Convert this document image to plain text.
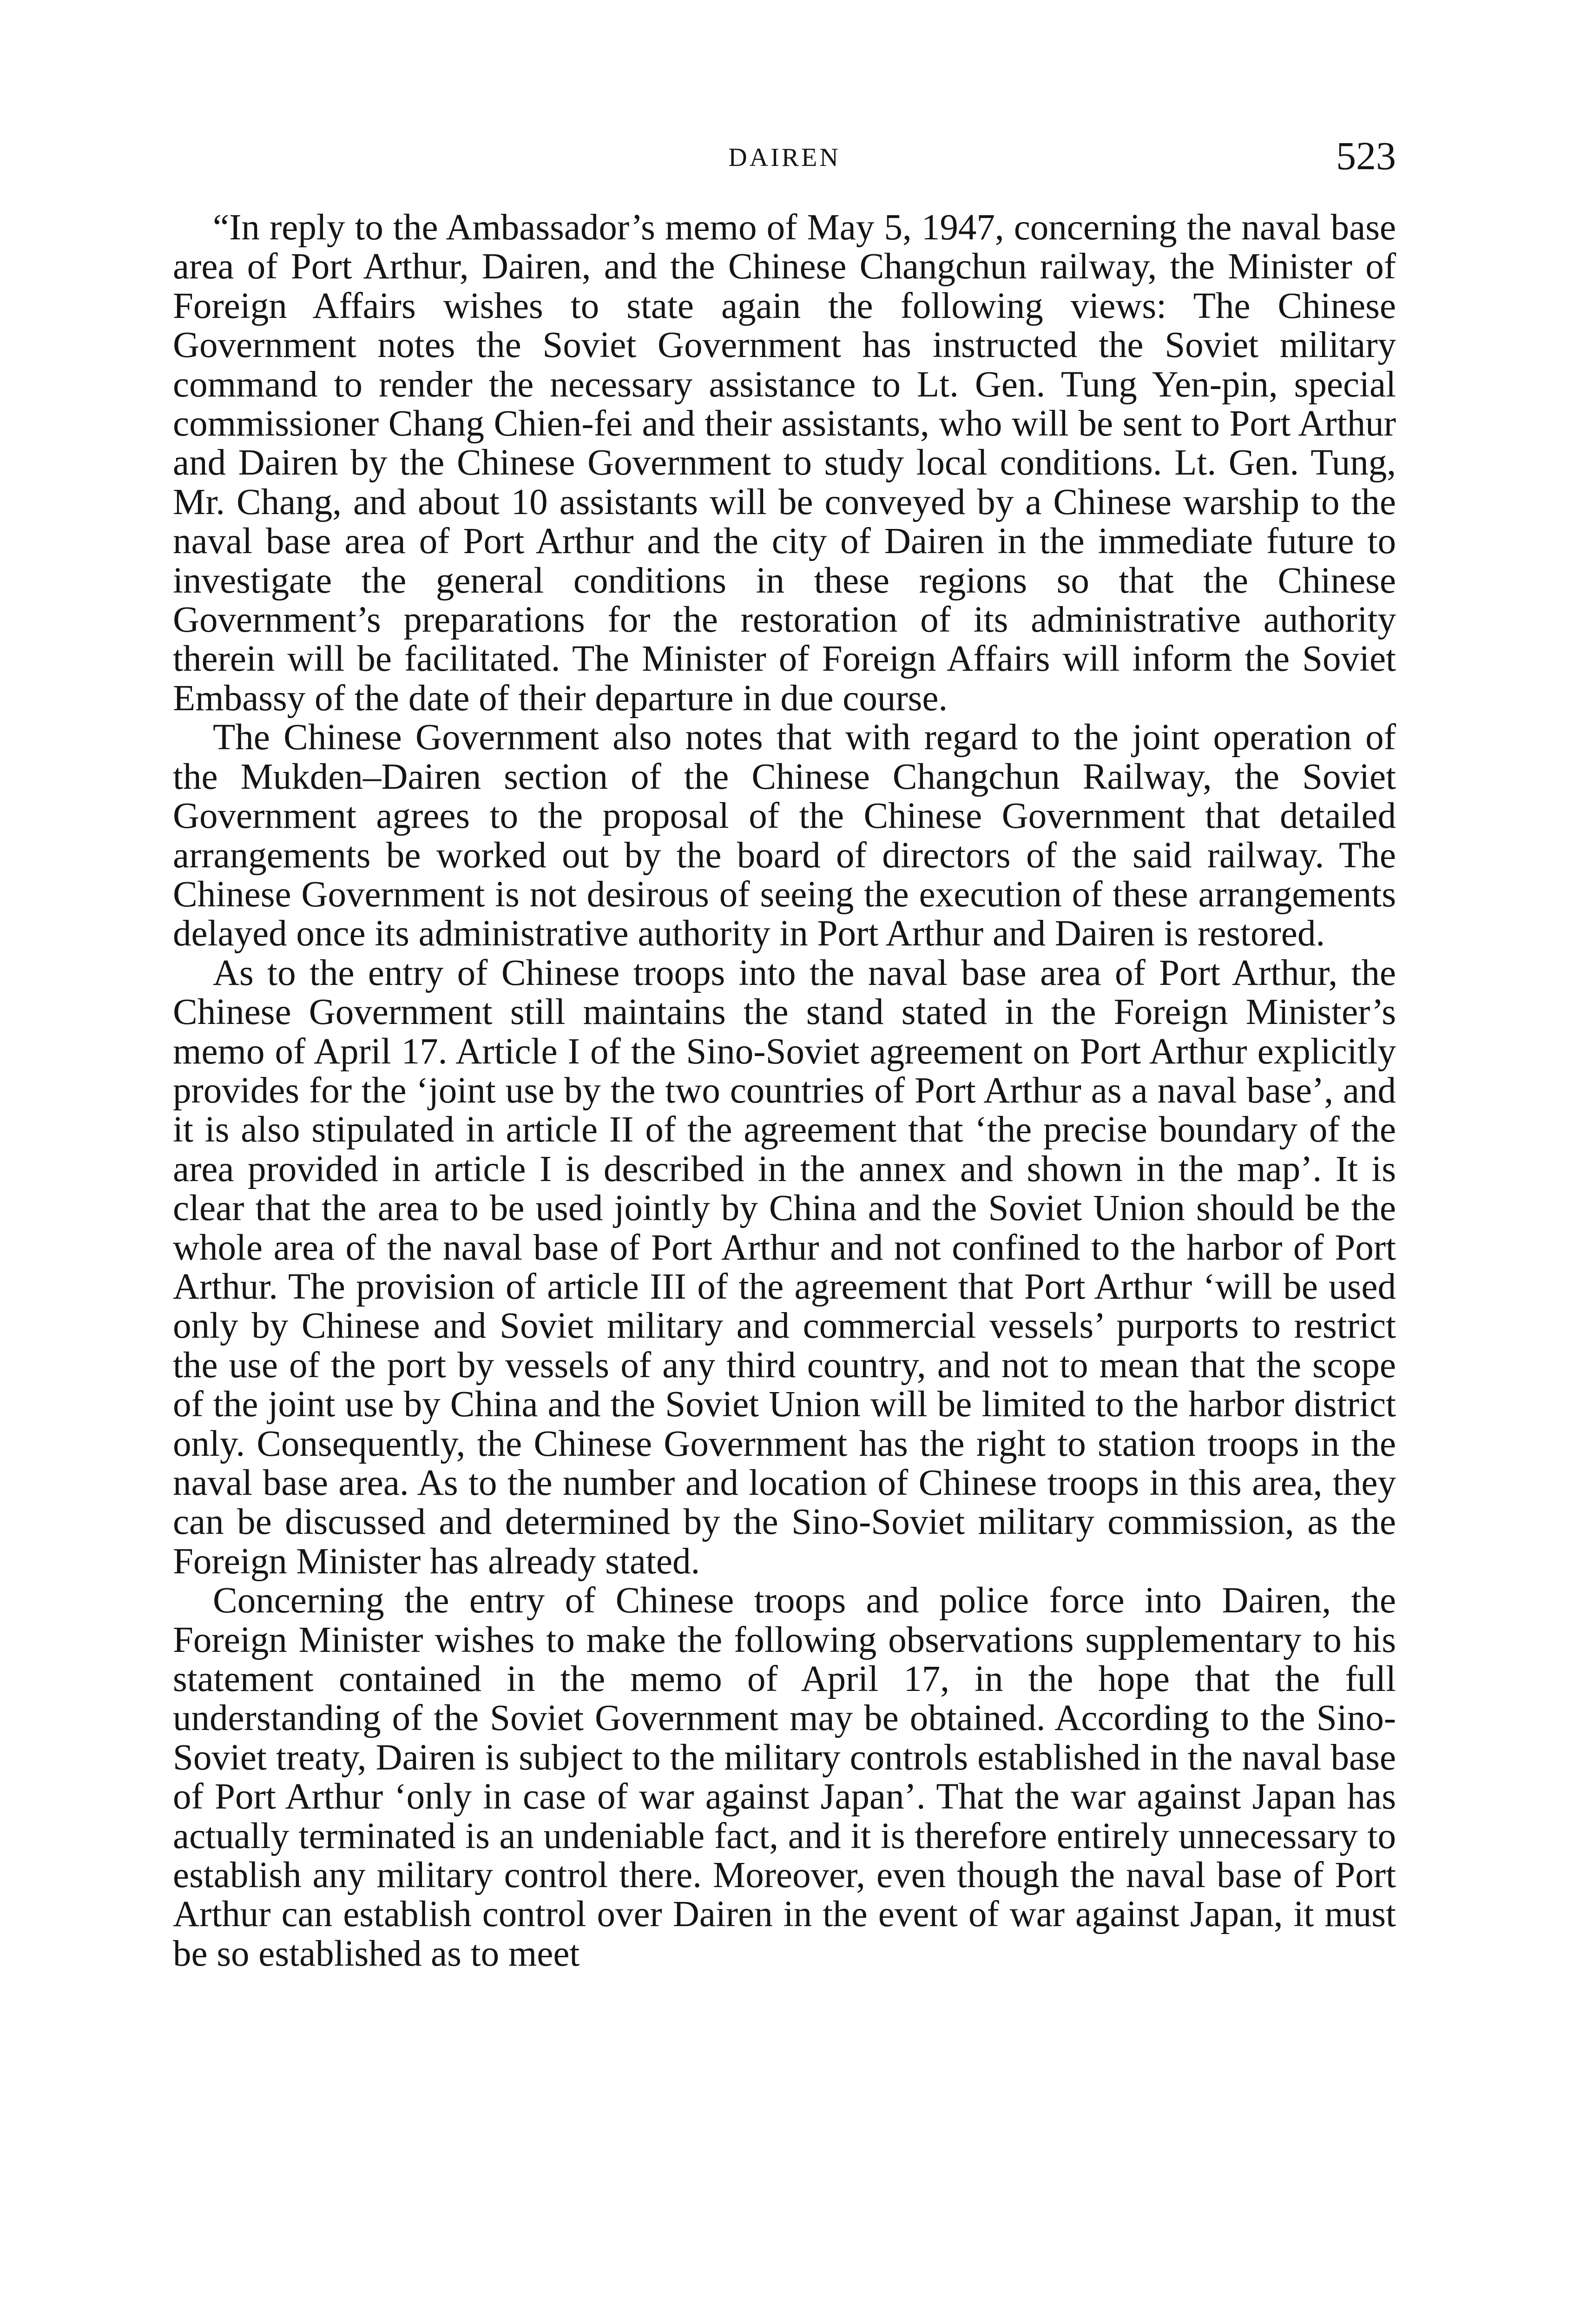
DAIREN	523

“In reply to the Ambassador’s memo of May 5, 1947, concerning the naval base area of Port Arthur, Dairen, and the Chinese Changchun railway, the Minister of Foreign Affairs wishes to state again the following views: The Chinese Government notes the Soviet Government has instructed the Soviet military command to render the necessary assistance to Lt. Gen. Tung Yen-pin, special commissioner Chang Chien-fei and their assistants, who will be sent to Port Arthur and Dairen by the Chinese Government to study local conditions. Lt. Gen. Tung, Mr. Chang, and about 10 assistants will be conveyed by a Chinese warship to the naval base area of Port Arthur and the city of Dairen in the immediate future to investigate the general conditions in these regions so that the Chinese Government’s preparations for the restoration of its administrative authority therein will be facilitated. The Minister of Foreign Affairs will inform the Soviet Embassy of the date of their departure in due course.

The Chinese Government also notes that with regard to the joint operation of the Mukden–Dairen section of the Chinese Changchun Railway, the Soviet Government agrees to the proposal of the Chinese Government that detailed arrangements be worked out by the board of directors of the said railway. The Chinese Government is not desirous of seeing the execution of these arrangements delayed once its administrative authority in Port Arthur and Dairen is restored.

As to the entry of Chinese troops into the naval base area of Port Arthur, the Chinese Government still maintains the stand stated in the Foreign Minister’s memo of April 17. Article I of the Sino-Soviet agreement on Port Arthur explicitly provides for the ‘joint use by the two countries of Port Arthur as a naval base’, and it is also stipulated in article II of the agreement that ‘the precise boundary of the area provided in article I is described in the annex and shown in the map’. It is clear that the area to be used jointly by China and the Soviet Union should be the whole area of the naval base of Port Arthur and not confined to the harbor of Port Arthur. The provision of article III of the agreement that Port Arthur ‘will be used only by Chinese and Soviet military and commercial vessels’ purports to restrict the use of the port by vessels of any third country, and not to mean that the scope of the joint use by China and the Soviet Union will be limited to the harbor district only. Consequently, the Chinese Government has the right to station troops in the naval base area. As to the number and location of Chinese troops in this area, they can be discussed and determined by the Sino-Soviet military commission, as the Foreign Minister has already stated.

Concerning the entry of Chinese troops and police force into Dairen, the Foreign Minister wishes to make the following observations supplementary to his statement contained in the memo of April 17, in the hope that the full understanding of the Soviet Government may be obtained. According to the Sino-Soviet treaty, Dairen is subject to the military controls established in the naval base of Port Arthur ‘only in case of war against Japan’. That the war against Japan has actually terminated is an undeniable fact, and it is therefore entirely unnecessary to establish any military control there. Moreover, even though the naval base of Port Arthur can establish control over Dairen in the event of war against Japan, it must be so established as to meet
